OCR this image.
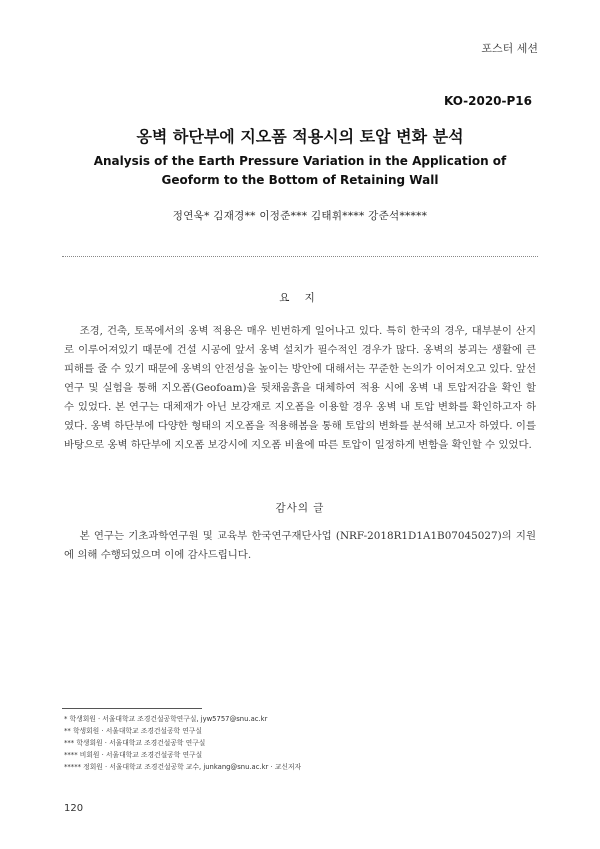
포스터 세션
KO-2020-P16
옹벽 하단부에 지오폼 적용시의 토압 변화 분석
Analysis of the Earth Pressure Variation in the Application of Geoform to the Bottom of Retaining Wall
정연욱* 김재경** 이정준*** 김태휘**** 강준석*****
요 지
조경, 건축, 토목에서의 옹벽 적용은 매우 빈번하게 일어나고 있다. 특히 한국의 경우, 대부분이 산지로 이루어져있기 때문에 건설 시공에 앞서 옹벽 설치가 필수적인 경우가 많다. 옹벽의 붕괴는 생활에 큰 피해를 줄 수 있기 때문에 옹벽의 안전성을 높이는 방안에 대해서는 꾸준한 논의가 이어져오고 있다. 앞선 연구 및 실험을 통해 지오폼(Geofoam)을 뒷채움흙을 대체하여 적용 시에 옹벽 내 토압저감을 확인 할 수 있었다. 본 연구는 대체재가 아닌 보강재로 지오폼을 이용할 경우 옹벽 내 토압 변화를 확인하고자 하였다. 옹벽 하단부에 다양한 형태의 지오폼을 적용해봄을 통해 토압의 변화를 분석해 보고자 하였다. 이를 바탕으로 옹벽 하단부에 지오폼 보강시에 지오폼 비율에 따른 토압이 일정하게 변함을 확인할 수 있었다.
감사의 글
본 연구는 기초과학연구원 및 교육부 한국연구재단사업 (NRF-2018R1D1A1B07045027)의 지원에 의해 수행되었으며 이에 감사드립니다.
* 학생회원 · 서울대학교 조경건설공학연구실, jyw5757@snu.ac.kr
** 학생회원 · 서울대학교 조경건설공학 연구실
*** 학생회원 · 서울대학교 조경건설공학 연구실
**** 비회원 · 서울대학교 조경건설공학 연구실
***** 정회원 · 서울대학교 조경건설공학 교수, junkang@snu.ac.kr · 교신저자
120
